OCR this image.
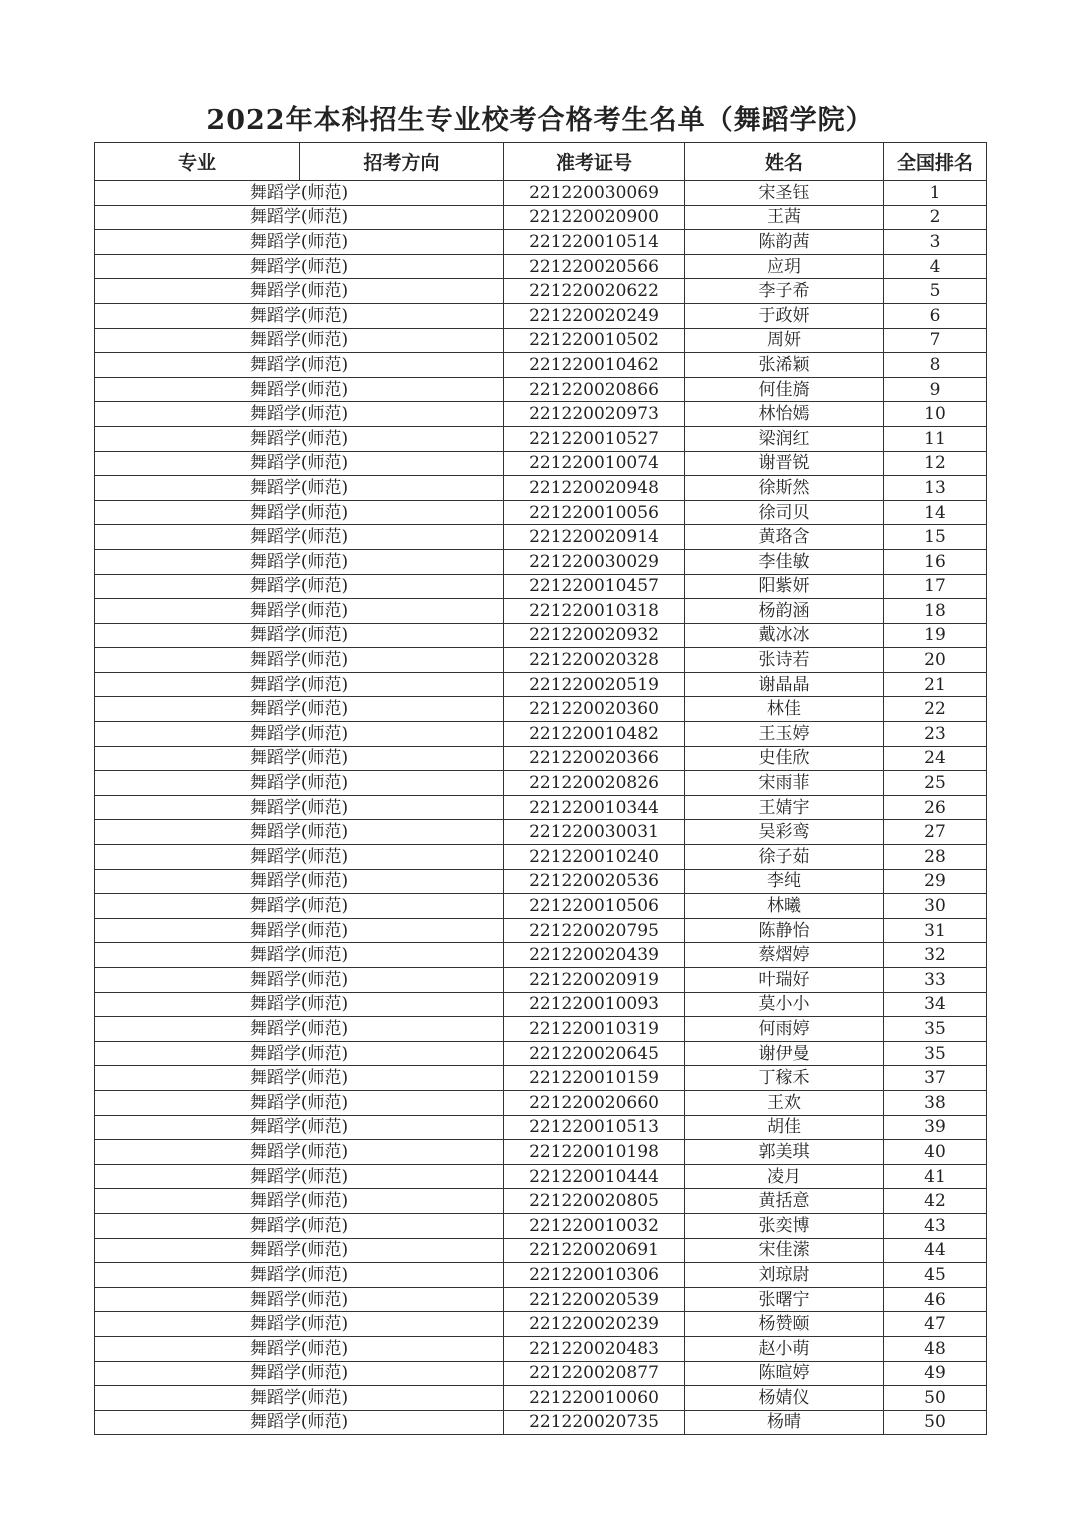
2022年本科招生专业校考合格考生名单（舞蹈学院）
专业	招考方向	准考证号	姓名	全国排名
舞蹈学(师范)		221220030069	宋圣钰	1
舞蹈学(师范)		221220020900	王茜	2
舞蹈学(师范)		221220010514	陈韵茜	3
舞蹈学(师范)		221220020566	应玥	4
舞蹈学(师范)		221220020622	李子希	5
舞蹈学(师范)		221220020249	于政妍	6
舞蹈学(师范)		221220010502	周妍	7
舞蹈学(师范)		221220010462	张浠颖	8
舞蹈学(师范)		221220020866	何佳旖	9
舞蹈学(师范)		221220020973	林怡嫣	10
舞蹈学(师范)		221220010527	梁润红	11
舞蹈学(师范)		221220010074	谢晋锐	12
舞蹈学(师范)		221220020948	徐斯然	13
舞蹈学(师范)		221220010056	徐司贝	14
舞蹈学(师范)		221220020914	黄珞含	15
舞蹈学(师范)		221220030029	李佳敏	16
舞蹈学(师范)		221220010457	阳紫妍	17
舞蹈学(师范)		221220010318	杨韵涵	18
舞蹈学(师范)		221220020932	戴冰冰	19
舞蹈学(师范)		221220020328	张诗若	20
舞蹈学(师范)		221220020519	谢晶晶	21
舞蹈学(师范)		221220020360	林佳	22
舞蹈学(师范)		221220010482	王玉婷	23
舞蹈学(师范)		221220020366	史佳欣	24
舞蹈学(师范)		221220020826	宋雨菲	25
舞蹈学(师范)		221220010344	王婧宇	26
舞蹈学(师范)		221220030031	吴彩鸾	27
舞蹈学(师范)		221220010240	徐子茹	28
舞蹈学(师范)		221220020536	李纯	29
舞蹈学(师范)		221220010506	林曦	30
舞蹈学(师范)		221220020795	陈静怡	31
舞蹈学(师范)		221220020439	蔡熠婷	32
舞蹈学(师范)		221220020919	叶瑞好	33
舞蹈学(师范)		221220010093	莫小小	34
舞蹈学(师范)		221220010319	何雨婷	35
舞蹈学(师范)		221220020645	谢伊曼	35
舞蹈学(师范)		221220010159	丁稼禾	37
舞蹈学(师范)		221220020660	王欢	38
舞蹈学(师范)		221220010513	胡佳	39
舞蹈学(师范)		221220010198	郭美琪	40
舞蹈学(师范)		221220010444	凌月	41
舞蹈学(师范)		221220020805	黄括意	42
舞蹈学(师范)		221220010032	张奕博	43
舞蹈学(师范)		221220020691	宋佳潆	44
舞蹈学(师范)		221220010306	刘琼尉	45
舞蹈学(师范)		221220020539	张曙宁	46
舞蹈学(师范)		221220020239	杨赞颐	47
舞蹈学(师范)		221220020483	赵小萌	48
舞蹈学(师范)		221220020877	陈暄婷	49
舞蹈学(师范)		221220010060	杨婧仪	50
舞蹈学(师范)		221220020735	杨晴	50
